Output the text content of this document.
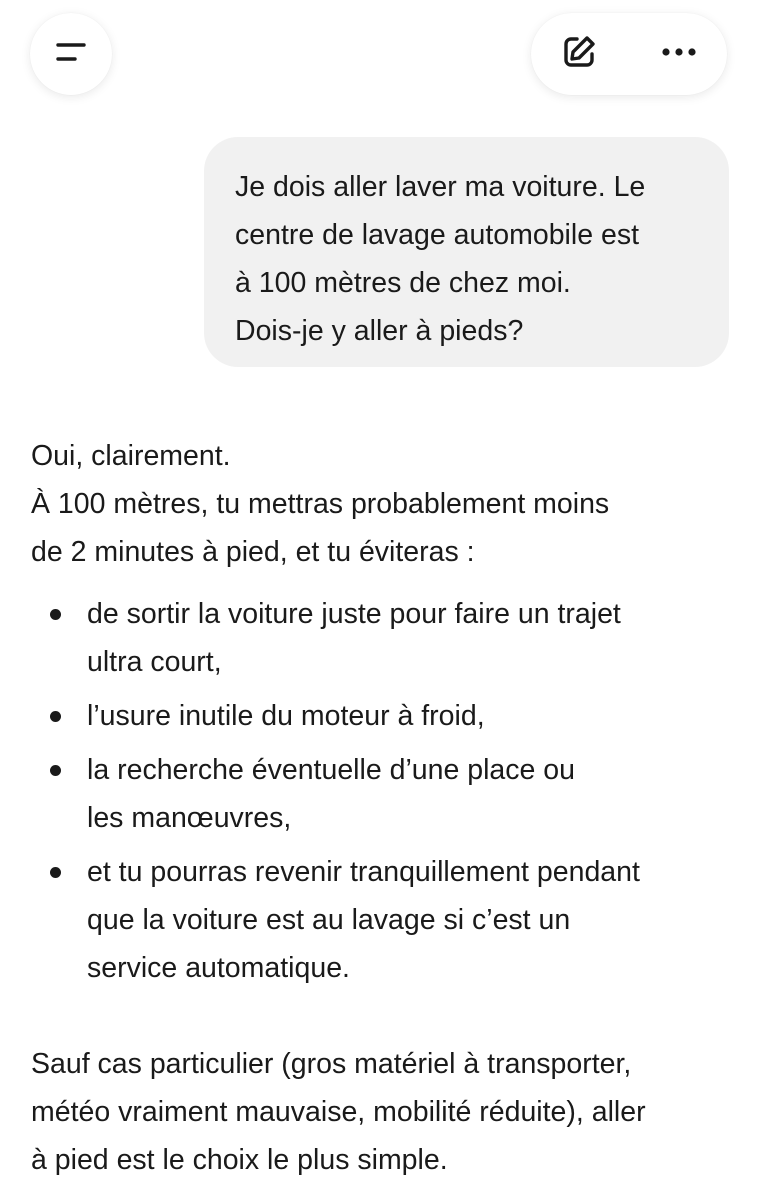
Je dois aller laver ma voiture. Le
centre de lavage automobile est
à 100 mètres de chez moi.
Dois-je y aller à pieds?

Oui, clairement.
À 100 mètres, tu mettras probablement moins
de 2 minutes à pied, et tu éviteras :

de sortir la voiture juste pour faire un trajet
ultra court,
l’usure inutile du moteur à froid,
la recherche éventuelle d’une place ou
les manœuvres,
et tu pourras revenir tranquillement pendant
que la voiture est au lavage si c’est un
service automatique.

Sauf cas particulier (gros matériel à transporter,
météo vraiment mauvaise, mobilité réduite), aller
à pied est le choix le plus simple.
